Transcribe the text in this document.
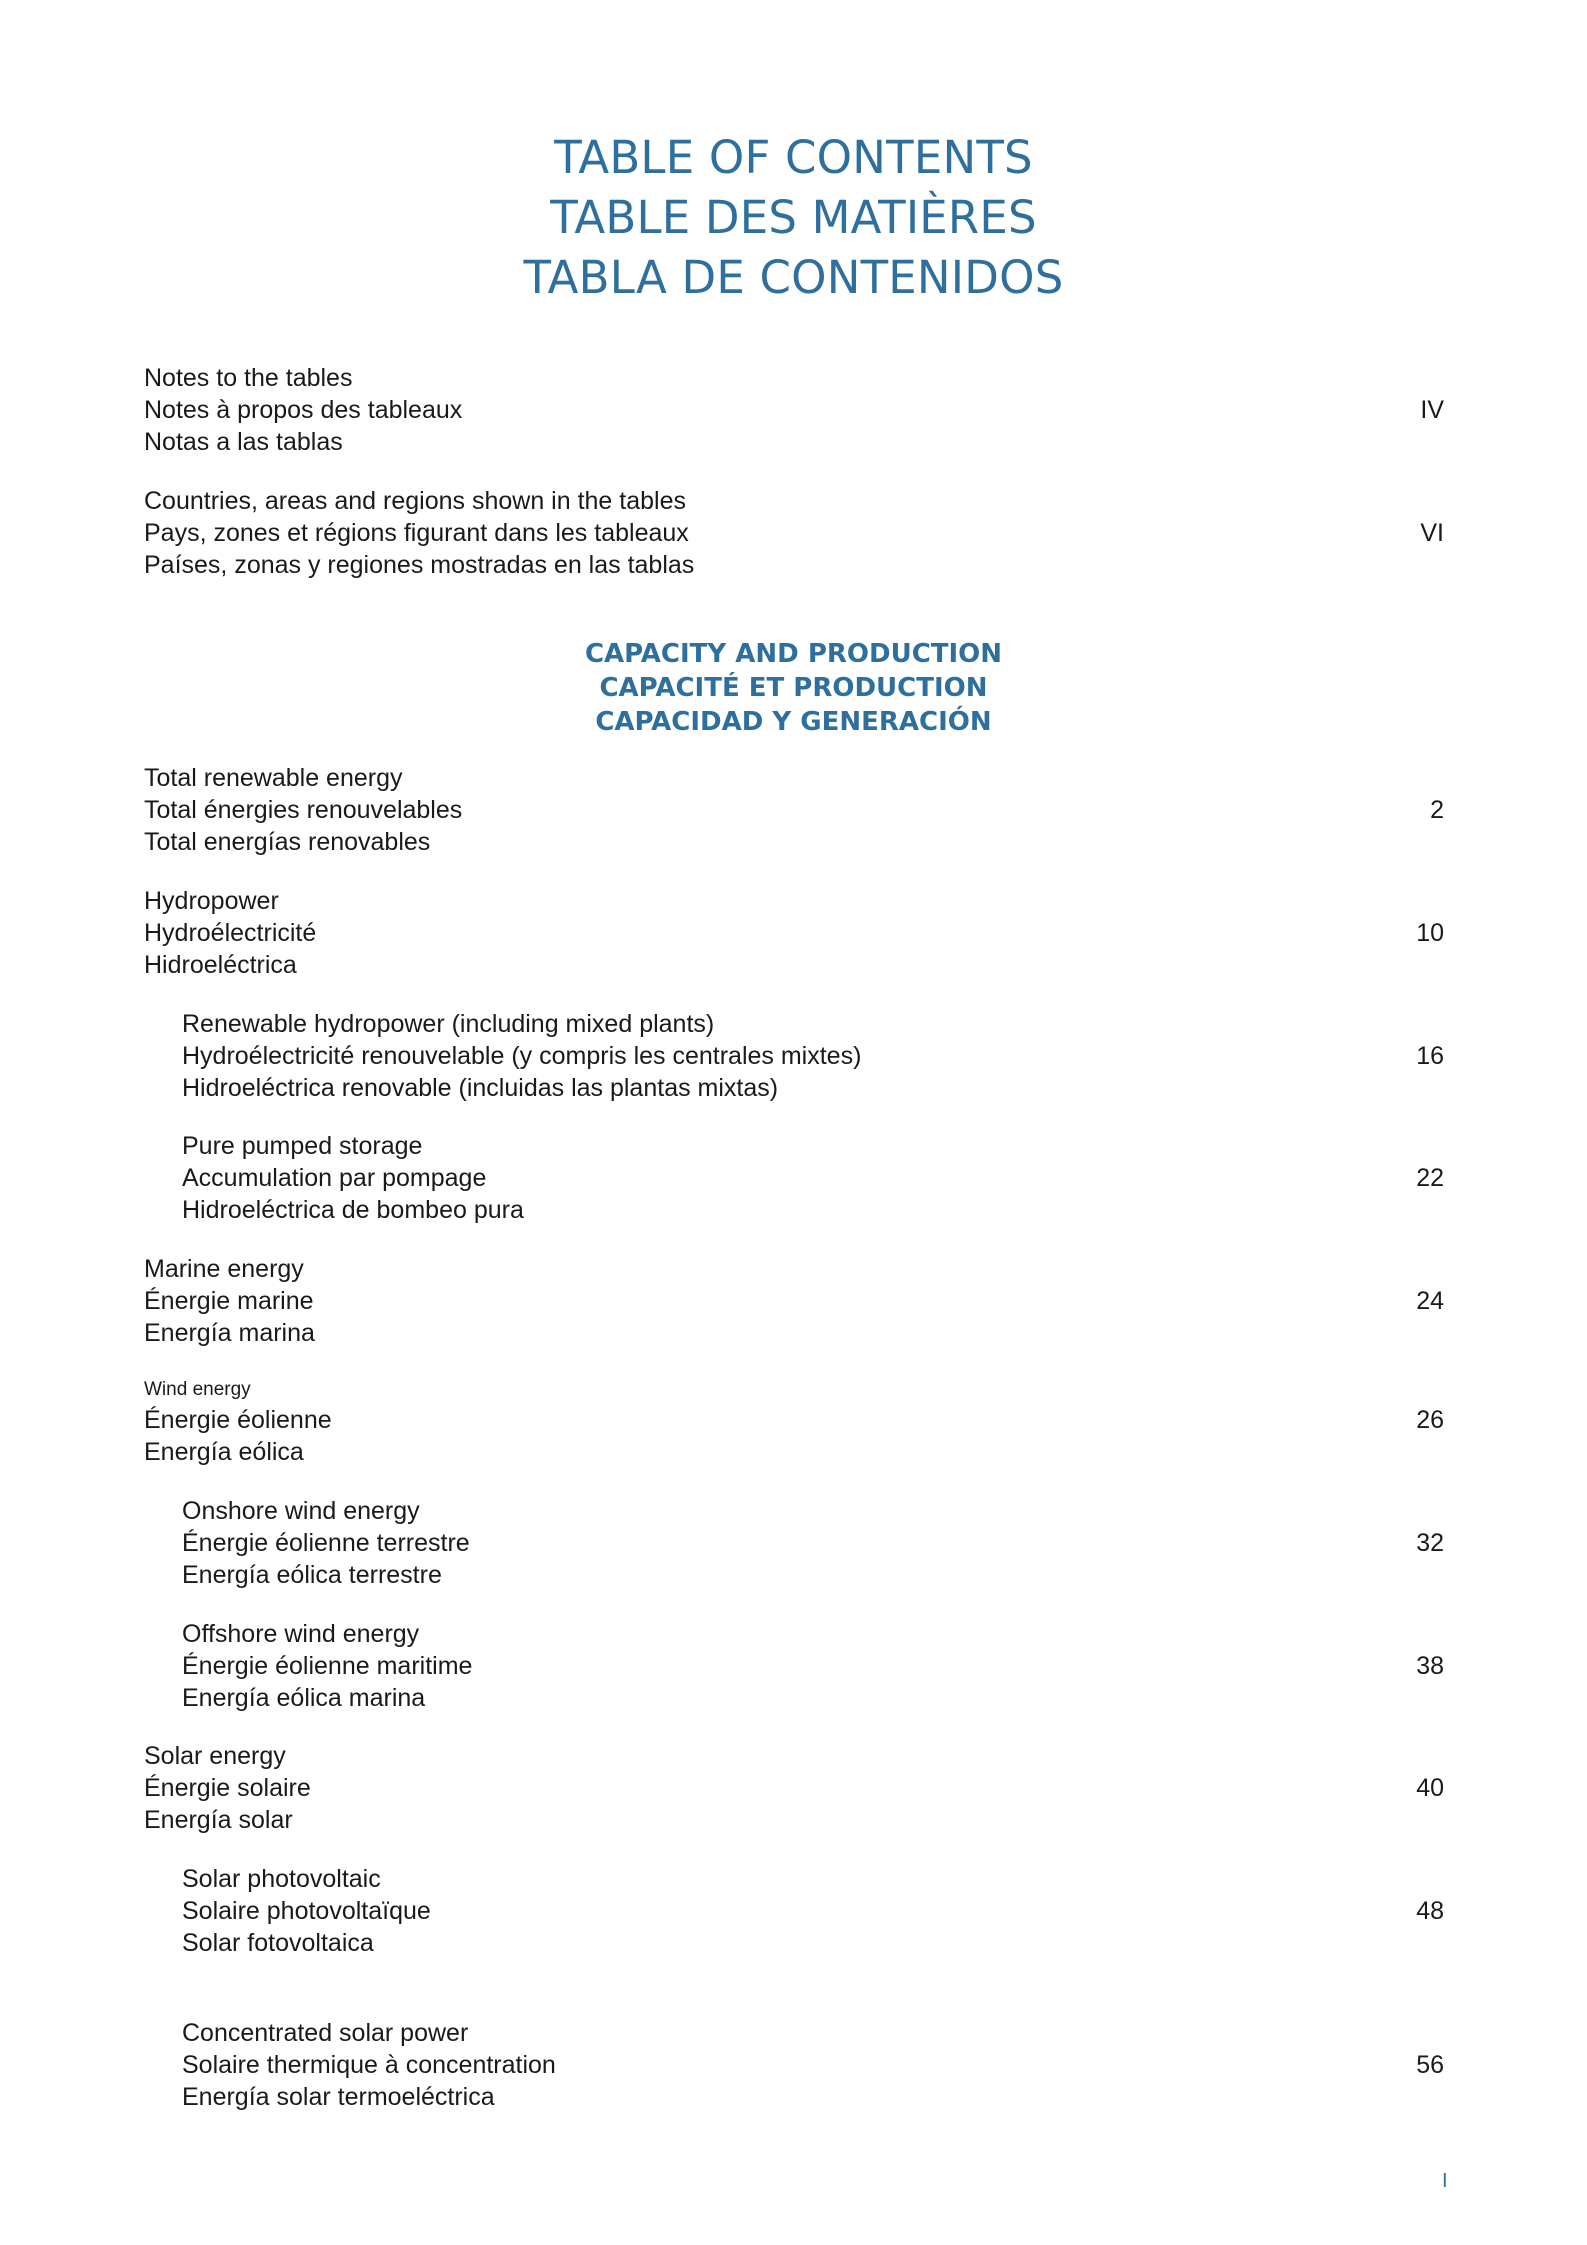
TABLE OF CONTENTS
TABLE DES MATIÈRES
TABLA DE CONTENIDOS
Notes to the tables
Notes à propos des tableaux
Notas a las tablas
IV
Countries, areas and regions shown in the tables
Pays, zones et régions figurant dans les tableaux
Países, zonas y regiones mostradas en las tablas
VI
CAPACITY AND PRODUCTION
CAPACITÉ ET PRODUCTION
CAPACIDAD Y GENERACIÓN
Total renewable energy
Total énergies renouvelables
Total energías renovables
2
Hydropower
Hydroélectricité
Hidroeléctrica
10
Renewable hydropower (including mixed plants)
Hydroélectricité renouvelable (y compris les centrales mixtes)
Hidroeléctrica renovable (incluidas las plantas mixtas)
16
Pure pumped storage
Accumulation par pompage
Hidroeléctrica de bombeo pura
22
Marine energy
Énergie marine
Energía marina
24
Wind energy
Énergie éolienne
Energía eólica
26
Onshore wind energy
Énergie éolienne terrestre
Energía eólica terrestre
32
Offshore wind energy
Énergie éolienne maritime
Energía eólica marina
38
Solar energy
Énergie solaire
Energía solar
40
Solar photovoltaic
Solaire photovoltaïque
Solar fotovoltaica
48
Concentrated solar power
Solaire thermique à concentration
Energía solar termoeléctrica
56
I
